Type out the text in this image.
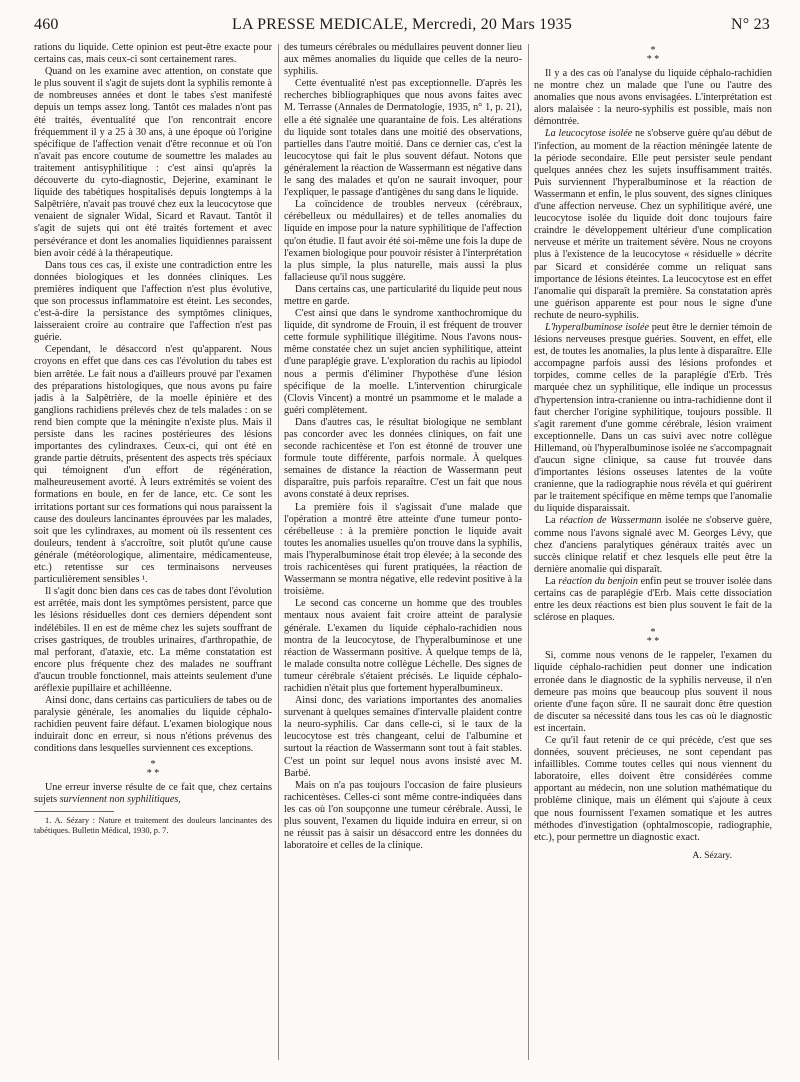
460	LA PRESSE MEDICALE, Mercredi, 20 Mars 1935	N° 23

rations du liquide. Cette opinion est peut-être exacte pour certains cas, mais ceux-ci sont certainement rares.

Quand on les examine avec attention, on constate que le plus souvent il s'agit de sujets dont la syphilis remonte à de nombreuses années et dont le tabes s'est manifesté depuis un temps assez long. Tantôt ces malades n'ont pas été traités, éventualité que l'on rencontrait encore fréquemment il y a 25 à 30 ans, à une époque où l'origine spécifique de l'affection venait d'être reconnue et où l'on n'avait pas encore coutume de soumettre les malades au traitement antisyphilitique : c'est ainsi qu'après la découverte du cyto-diagnostic, Dejerine, examinant le liquide des tabétiques hospitalisés depuis longtemps à la Salpêtrière, n'avait pas trouvé chez eux la leucocytose que venaient de signaler Widal, Sicard et Ravaut. Tantôt il s'agit de sujets qui ont été traités fortement et avec persévérance et dont les anomalies liquidiennes paraissent bien avoir cédé à la thérapeutique.

Dans tous ces cas, il existe une contradiction entre les données biologiques et les données cliniques. Les premières indiquent que l'affection n'est plus évolutive, que son processus inflammatoire est éteint. Les secondes, c'est-à-dire la persistance des symptômes cliniques, laisseraient croire au contraire que l'affection n'est pas guérie.

Cependant, le désaccord n'est qu'apparent. Nous croyons en effet que dans ces cas l'évolution du tabes est bien arrêtée. Le fait nous a d'ailleurs prouvé par l'examen des préparations histologiques, que nous avons pu faire jadis à la Salpêtrière, de la moelle épinière et des ganglions rachidiens prélevés chez de tels malades : on se rend bien compte que la méningite n'existe plus. Mais il persiste dans les racines postérieures des lésions importantes des cylindraxes. Ceux-ci, qui ont été en grande partie détruits, présentent des aspects très spéciaux qui témoignent d'un effort de régénération, malheureusement avorté. À leurs extrémités se voient des formations en boule, en fer de lance, etc. Ce sont les irritations portant sur ces formations qui nous paraissent la cause des douleurs lancinantes éprouvées par les malades, soit que les cylindraxes, au moment où ils ressentent ces douleurs, tendent à s'accroître, soit plutôt qu'une cause générale (météorologique, alimentaire, médicamenteuse, etc.) retentisse sur ces terminaisons nerveuses particulièrement sensibles ¹.

Il s'agit donc bien dans ces cas de tabes dont l'évolution est arrêtée, mais dont les symptômes persistent, parce que les lésions résiduelles dont ces derniers dépendent sont indélébiles. Il en est de même chez les sujets souffrant de crises gastriques, de troubles urinaires, d'arthropathie, de mal perforant, d'ataxie, etc. La même constatation est encore plus fréquente chez des malades ne souffrant d'aucun trouble fonctionnel, mais atteints seulement d'une aréflexie pupillaire et achilléenne.

Ainsi donc, dans certains cas particuliers de tabes ou de paralysie générale, les anomalies du liquide céphalo-rachidien peuvent faire défaut. L'examen biologique nous induirait donc en erreur, si nous n'étions prévenus des conditions dans lesquelles surviennent ces exceptions.

*
* *

Une erreur inverse résulte de ce fait que, chez certains sujets surviennent non syphilitiques,

1. A. Sézary : Nature et traitement des douleurs lancinantes des tabétiques. Bulletin Médical, 1930, p. 7.

des tumeurs cérébrales ou médullaires peuvent donner lieu aux mêmes anomalies du liquide que celles de la neuro-syphilis.

Cette éventualité n'est pas exceptionnelle. D'après les recherches bibliographiques que nous avons faites avec M. Terrasse (Annales de Dermatologie, 1935, n° 1, p. 21), elle a été signalée une quarantaine de fois. Les altérations du liquide sont totales dans une moitié des observations, partielles dans l'autre moitié. Dans ce dernier cas, c'est la leucocytose qui fait le plus souvent défaut. Notons que généralement la réaction de Wassermann est négative dans le sang des malades et qu'on ne saurait invoquer, pour l'expliquer, le passage d'antigènes du sang dans le liquide.

La coïncidence de troubles nerveux (cérébraux, cérébelleux ou médullaires) et de telles anomalies du liquide en impose pour la nature syphilitique de l'affection qu'on étudie. Il faut avoir été soi-même une fois la dupe de l'examen biologique pour pouvoir résister à l'interprétation la plus simple, la plus naturelle, mais aussi la plus fallacieuse qu'il nous suggère.

Dans certains cas, une particularité du liquide peut nous mettre en garde.

C'est ainsi que dans le syndrome xanthochromique du liquide, dit syndrome de Frouin, il est fréquent de trouver cette formule syphilitique illégitime. Nous l'avons nous-même constatée chez un sujet ancien syphilitique, atteint d'une paraplégie grave. L'exploration du rachis au lipiodol nous a permis d'éliminer l'hypothèse d'une lésion spécifique de la moelle. L'intervention chirurgicale (Clovis Vincent) a montré un psammome et le malade a guéri complètement.

Dans d'autres cas, le résultat biologique ne semblant pas concorder avec les données cliniques, on fait une seconde rachicentèse et l'on est étonné de trouver une formule toute différente, parfois normale. À quelques semaines de distance la réaction de Wassermann peut disparaître, puis parfois reparaître. C'est un fait que nous avons constaté à deux reprises.

La première fois il s'agissait d'une malade que l'opération a montré être atteinte d'une tumeur ponto-cérébelleuse : à la première ponction le liquide avait toutes les anomalies usuelles qu'on trouve dans la syphilis, mais l'hyperalbuminose était trop élevée; à la seconde des trois rachicentèses qui furent pratiquées, la réaction de Wassermann se montra négative, elle redevint positive à la troisième.

Le second cas concerne un homme que des troubles mentaux nous avaient fait croire atteint de paralysie générale. L'examen du liquide céphalo-rachidien nous montra de la leucocytose, de l'hyperalbuminose et une réaction de Wassermann positive. À quelque temps de là, le malade consulta notre collègue Léchelle. Des signes de tumeur cérébrale s'étaient précisés. Le liquide céphalo-rachidien n'était plus que fortement hyperalbumineux.

Ainsi donc, des variations importantes des anomalies survenant à quelques semaines d'intervalle plaident contre la neuro-syphilis. Car dans celle-ci, si le taux de la leucocytose est très changeant, celui de l'albumine et surtout la réaction de Wassermann sont tout à fait stables. C'est un point sur lequel nous avons insisté avec M. Barbé.

Mais on n'a pas toujours l'occasion de faire plusieurs rachicentèses. Celles-ci sont même contre-indiquées dans les cas où l'on soupçonne une tumeur cérébrale. Aussi, le plus souvent, l'examen du liquide induira en erreur, si on ne réussit pas à saisir un désaccord entre les données du laboratoire et celles de la clinique.

*
* *

Il y a des cas où l'analyse du liquide céphalo-rachidien ne montre chez un malade que l'une ou l'autre des anomalies que nous avons envisagées. L'interprétation est alors malaisée : la neuro-syphilis est possible, mais non démontrée.

La leucocytose isolée ne s'observe guère qu'au début de l'infection, au moment de la réaction méningée latente de la période secondaire. Elle peut persister seule pendant quelques années chez les sujets insuffisamment traités. Puis surviennent l'hyperalbuminose et la réaction de Wassermann et enfin, le plus souvent, des signes cliniques d'une affection nerveuse. Chez un syphilitique avéré, une leucocytose isolée du liquide doit donc toujours faire craindre le développement ultérieur d'une complication nerveuse et mérite un traitement sévère. Nous ne croyons plus à l'existence de la leucocytose « résiduelle » décrite par Sicard et considérée comme un reliquat sans importance de lésions éteintes. La leucocytose est en effet l'anomalie qui disparaît la première. Sa constatation après une guérison apparente est pour nous le signe d'une rechute de neuro-syphilis.

L'hyperalbuminose isolée peut être le dernier témoin de lésions nerveuses presque guéries. Souvent, en effet, elle est, de toutes les anomalies, la plus lente à disparaître. Elle accompagne parfois aussi des lésions profondes et torpides, comme celles de la paraplégie d'Erb. Très marquée chez un syphilitique, elle indique un processus d'hypertension intra-cranienne ou intra-rachidienne dont il faut chercher l'origine syphilitique, toujours possible. Il s'agit rarement d'une gomme cérébrale, lésion vraiment exceptionnelle. Dans un cas suivi avec notre collègue Hillemand, où l'hyperalbuminose isolée ne s'accompagnait d'aucun signe clinique, sa cause fut trouvée dans d'importantes lésions osseuses latentes de la voûte cranienne, que la radiographie nous révéla et qui guérirent par le traitement spécifique en même temps que l'anomalie du liquide disparaissait.

La réaction de Wassermann isolée ne s'observe guère, comme nous l'avons signalé avec M. Georges Lévy, que chez d'anciens paralytiques généraux traités avec un succès clinique relatif et chez lesquels elle peut être la dernière anomalie qui disparaît.

La réaction du benjoin enfin peut se trouver isolée dans certains cas de paraplégie d'Erb. Mais cette dissociation entre les deux réactions est bien plus souvent le fait de la sclérose en plaques.

*
* *

Si, comme nous venons de le rappeler, l'examen du liquide céphalo-rachidien peut donner une indication erronée dans le diagnostic de la syphilis nerveuse, il n'en demeure pas moins que beaucoup plus souvent il nous oriente d'une façon sûre. Il ne saurait donc être question de discuter sa nécessité dans tous les cas où le diagnostic est incertain.

Ce qu'il faut retenir de ce qui précède, c'est que ses données, souvent précieuses, ne sont cependant pas infaillibles. Comme toutes celles qui nous viennent du laboratoire, elles doivent être considérées comme apportant au médecin, non une solution mathématique du problème clinique, mais un élément qui s'ajoute à ceux que nous fournissent l'examen somatique et les autres méthodes d'investigation (ophtalmoscopie, radiographie, etc.), pour permettre un diagnostic exact.

A. Sézary.
